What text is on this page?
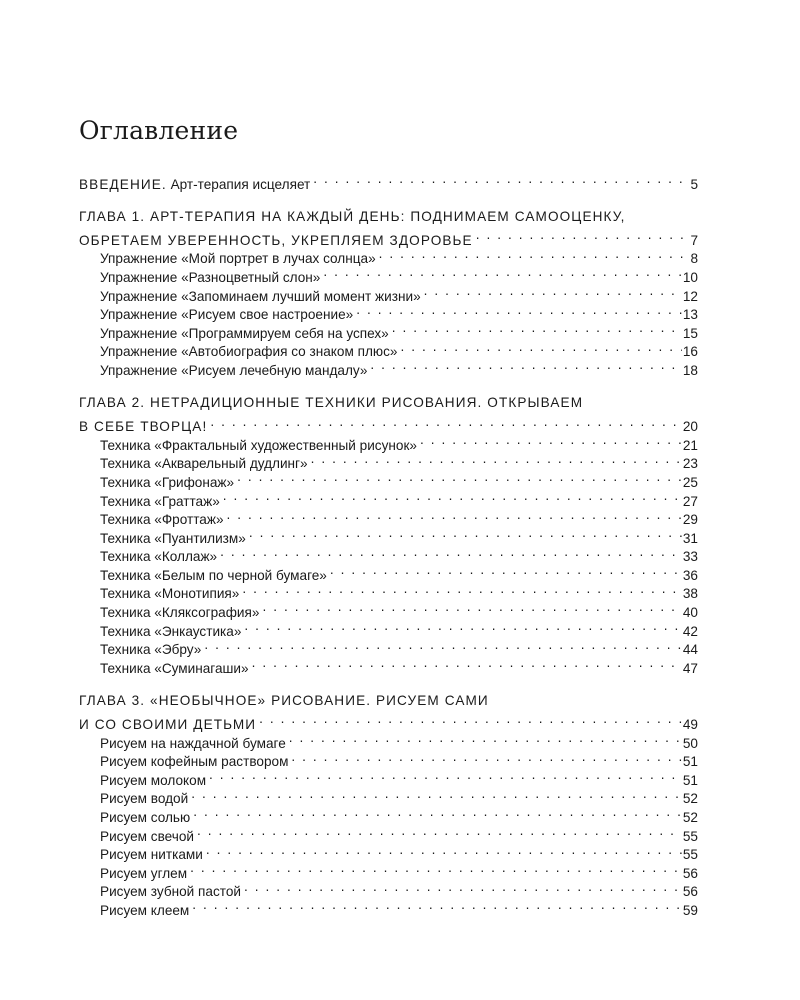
Оглавление
ВВЕДЕНИЕ. Арт-терапия исцеляет . . .	5
ГЛАВА 1. АРТ-ТЕРАПИЯ НА КАЖДЫЙ ДЕНЬ: ПОДНИМАЕМ САМООЦЕНКУ,
ОБРЕТАЕМ УВЕРЕННОСТЬ, УКРЕПЛЯЕМ ЗДОРОВЬЕ . . .	7
Упражнение «Мой портрет в лучах солнца» . . .	8
Упражнение «Разноцветный слон» . . .	10
Упражнение «Запоминаем лучший момент жизни» . . .	12
Упражнение «Рисуем свое настроение» . . .	13
Упражнение «Программируем себя на успех» . . .	15
Упражнение «Автобиография со знаком плюс» . . .	16
Упражнение «Рисуем лечебную мандалу» . . .	18
ГЛАВА 2. НЕТРАДИЦИОННЫЕ ТЕХНИКИ РИСОВАНИЯ. ОТКРЫВАЕМ
В СЕБЕ ТВОРЦА! . . .	20
Техника «Фрактальный художественный рисунок» . . .	21
Техника «Акварельный дудлинг» . . .	23
Техника «Грифонаж» . . .	25
Техника «Граттаж» . . .	27
Техника «Фроттаж» . . .	29
Техника «Пуантилизм» . . .	31
Техника «Коллаж» . . .	33
Техника «Белым по черной бумаге» . . .	36
Техника «Монотипия» . . .	38
Техника «Кляксография» . . .	40
Техника «Энкаустика» . . .	42
Техника «Эбру» . . .	44
Техника «Суминагаши» . . .	47
ГЛАВА 3. «НЕОБЫЧНОЕ» РИСОВАНИЕ. РИСУЕМ САМИ
И СО СВОИМИ ДЕТЬМИ . . .	49
Рисуем на наждачной бумаге . . .	50
Рисуем кофейным раствором . . .	51
Рисуем молоком . . .	51
Рисуем водой . . .	52
Рисуем солью . . .	52
Рисуем свечой . . .	55
Рисуем нитками . . .	55
Рисуем углем . . .	56
Рисуем зубной пастой . . .	56
Рисуем клеем . . .	59
